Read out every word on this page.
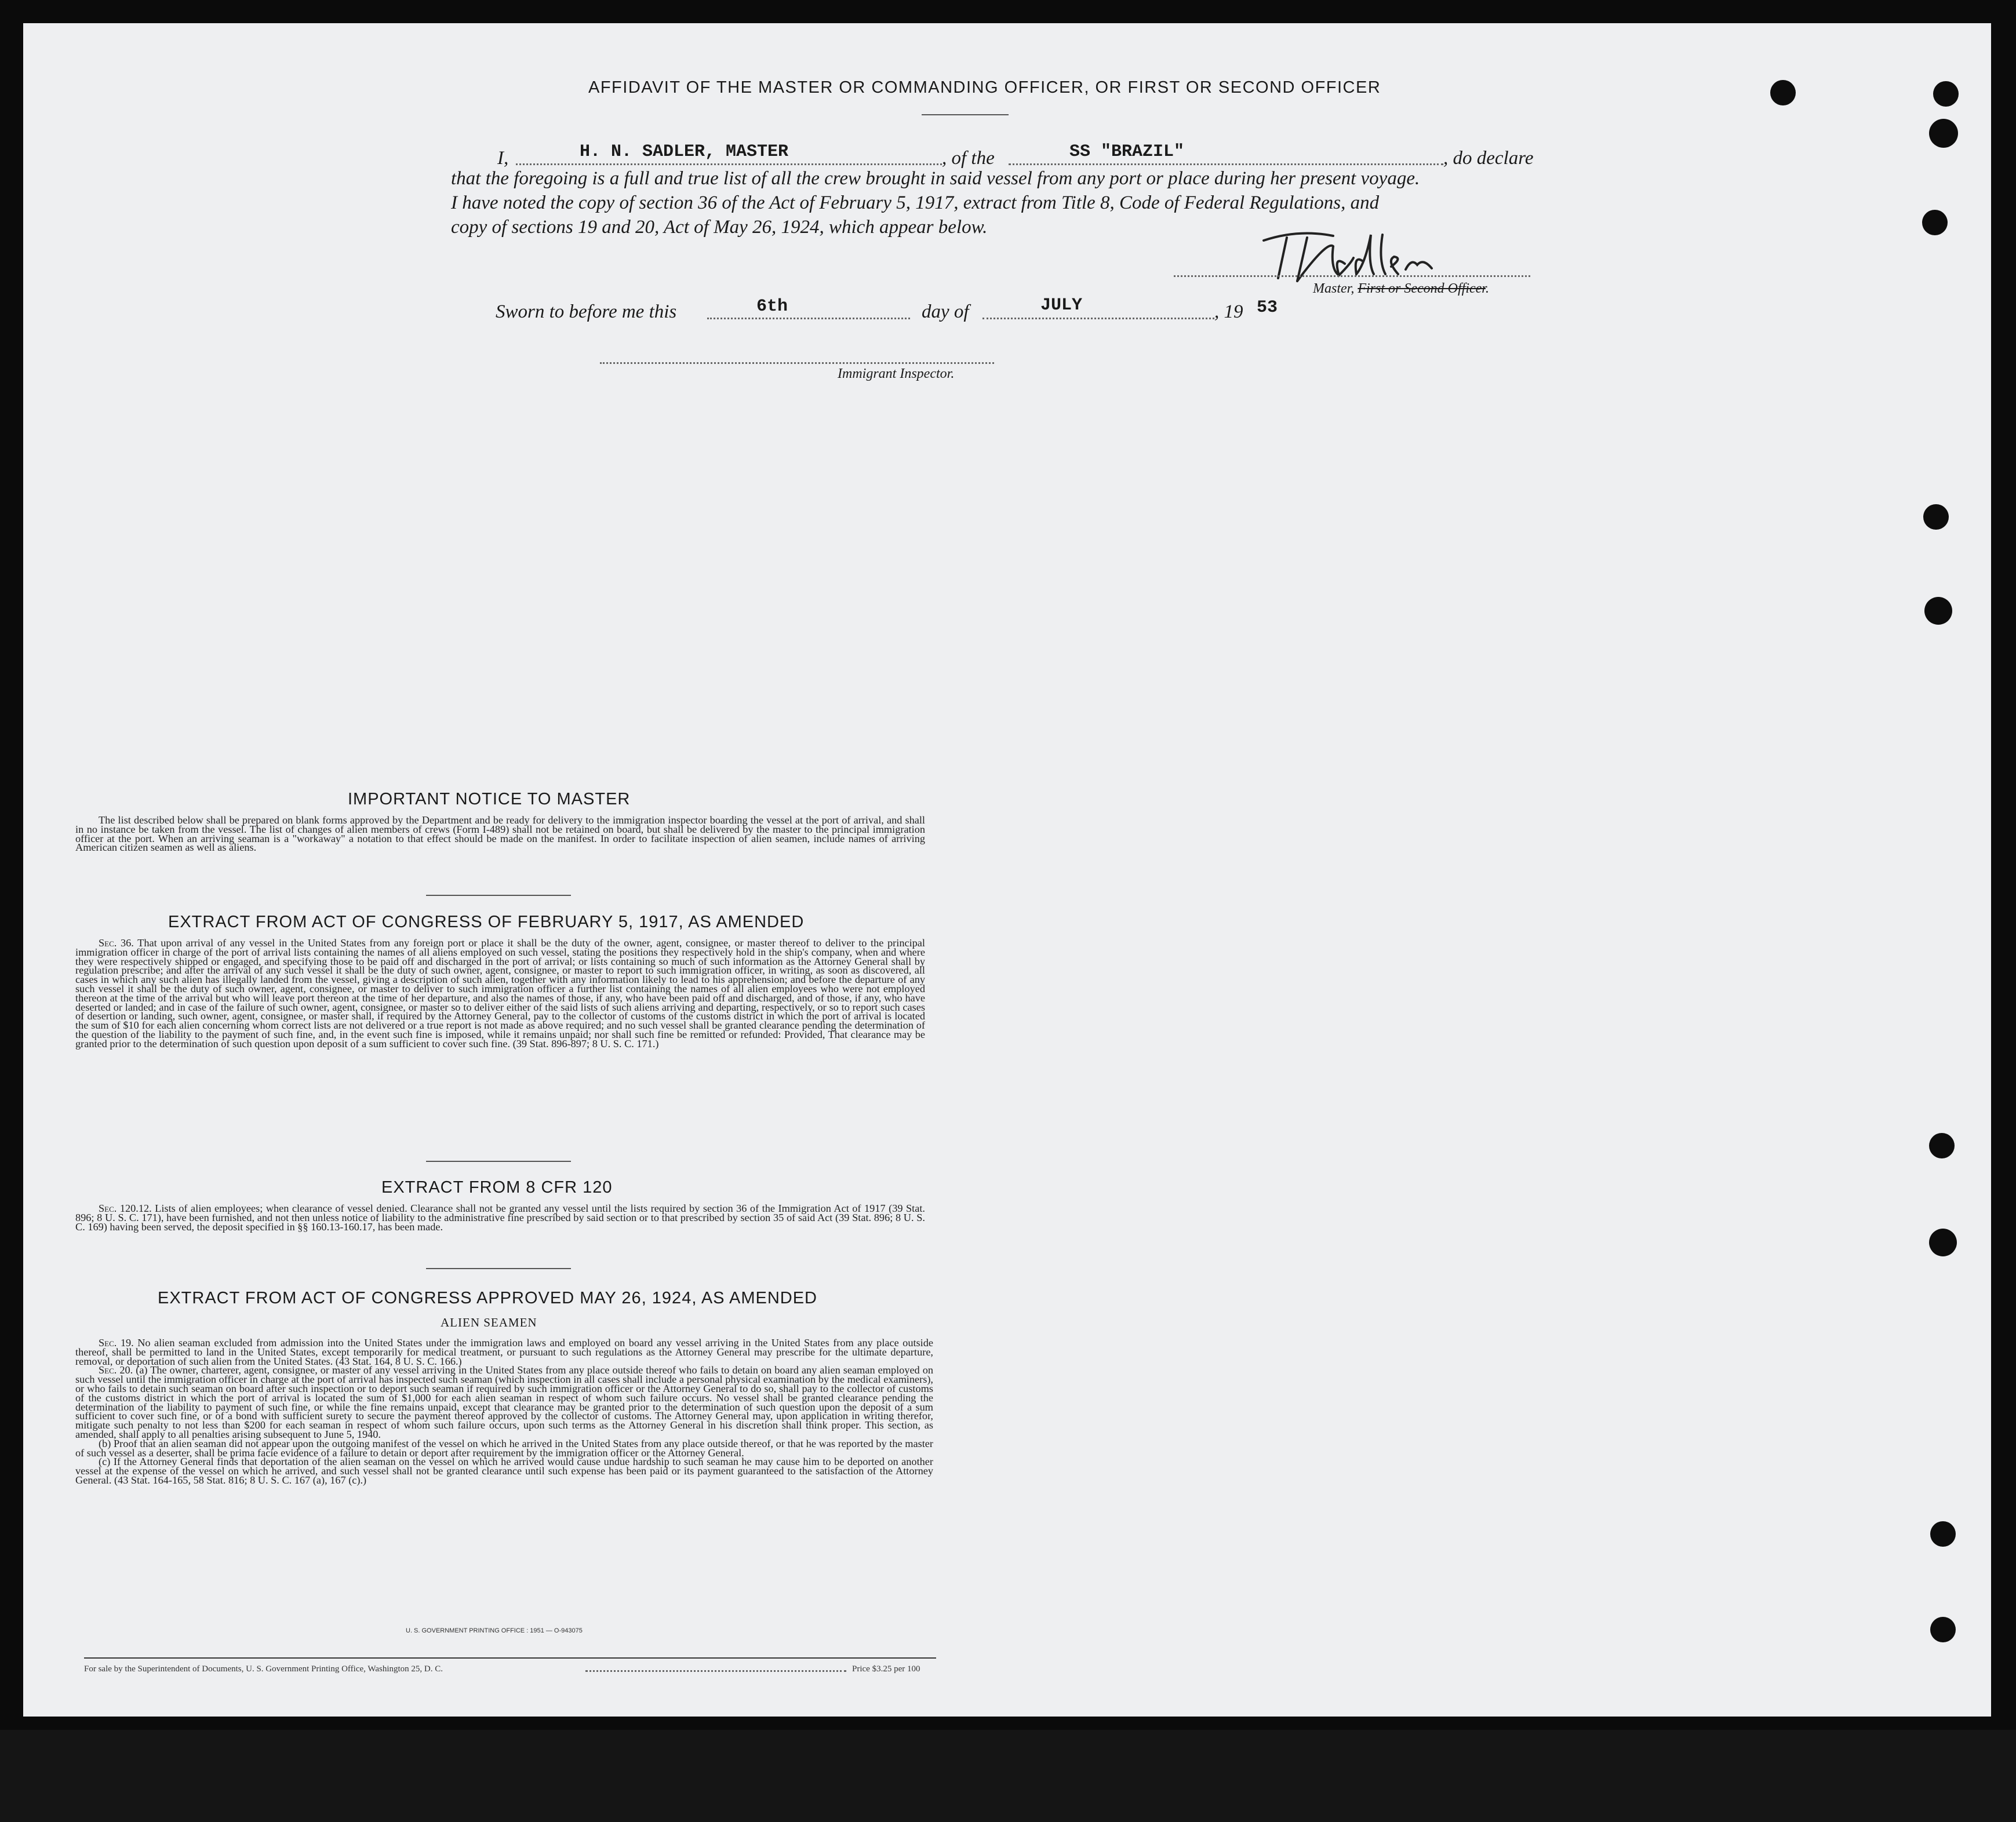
AFFIDAVIT OF THE MASTER OR COMMANDING OFFICER, OR FIRST OR SECOND OFFICER
I,	H. N. SADLER, MASTER	, of the	SS "BRAZIL"	, do declare
that the foregoing is a full and true list of all the crew brought in said vessel from any port or place during her present voyage.
I have noted the copy of section 36 of the Act of February 5, 1917, extract from Title 8, Code of Federal Regulations, and
copy of sections 19 and 20, Act of May 26, 1924, which appear below.
Master, First or Second Officer.
Sworn to before me this	6th	day of	JULY	, 19 53
Immigrant Inspector.
IMPORTANT NOTICE TO MASTER
The list described below shall be prepared on blank forms approved by the Department and be ready for delivery to the immigration inspector boarding the vessel at the port of arrival, and shall in no instance be taken from the vessel. The list of changes of alien members of crews (Form I-489) shall not be retained on board, but shall be delivered by the master to the principal immigration officer at the port. When an arriving seaman is a "workaway" a notation to that effect should be made on the manifest. In order to facilitate inspection of alien seamen, include names of arriving American citizen seamen as well as aliens.
EXTRACT FROM ACT OF CONGRESS OF FEBRUARY 5, 1917, AS AMENDED
Sec. 36. That upon arrival of any vessel in the United States from any foreign port or place it shall be the duty of the owner, agent, consignee, or master thereof to deliver to the principal immigration officer in charge of the port of arrival lists containing the names of all aliens employed on such vessel, stating the positions they respectively hold in the ship's company, when and where they were respectively shipped or engaged, and specifying those to be paid off and discharged in the port of arrival; or lists containing so much of such information as the Attorney General shall by regulation prescribe; and after the arrival of any such vessel it shall be the duty of such owner, agent, consignee, or master to report to such immigration officer, in writing, as soon as discovered, all cases in which any such alien has illegally landed from the vessel, giving a description of such alien, together with any information likely to lead to his apprehension; and before the departure of any such vessel it shall be the duty of such owner, agent, consignee, or master to deliver to such immigration officer a further list containing the names of all alien employees who were not employed thereon at the time of the arrival but who will leave port thereon at the time of her departure, and also the names of those, if any, who have been paid off and discharged, and of those, if any, who have deserted or landed; and in case of the failure of such owner, agent, consignee, or master so to deliver either of the said lists of such aliens arriving and departing, respectively, or so to report such cases of desertion or landing, such owner, agent, consignee, or master shall, if required by the Attorney General, pay to the collector of customs of the customs district in which the port of arrival is located the sum of $10 for each alien concerning whom correct lists are not delivered or a true report is not made as above required; and no such vessel shall be granted clearance pending the determination of the question of the liability to the payment of such fine, and, in the event such fine is imposed, while it remains unpaid; nor shall such fine be remitted or refunded: Provided, That clearance may be granted prior to the determination of such question upon deposit of a sum sufficient to cover such fine. (39 Stat. 896-897; 8 U. S. C. 171.)
EXTRACT FROM 8 CFR 120
Sec. 120.12. Lists of alien employees; when clearance of vessel denied. Clearance shall not be granted any vessel until the lists required by section 36 of the Immigration Act of 1917 (39 Stat. 896; 8 U. S. C. 171), have been furnished, and not then unless notice of liability to the administrative fine prescribed by said section or to that prescribed by section 35 of said Act (39 Stat. 896; 8 U. S. C. 169) having been served, the deposit specified in §§ 160.13-160.17, has been made.
EXTRACT FROM ACT OF CONGRESS APPROVED MAY 26, 1924, AS AMENDED
ALIEN SEAMEN
Sec. 19. No alien seaman excluded from admission into the United States under the immigration laws and employed on board any vessel arriving in the United States from any place outside thereof, shall be permitted to land in the United States, except temporarily for medical treatment, or pursuant to such regulations as the Attorney General may prescribe for the ultimate departure, removal, or deportation of such alien from the United States. (43 Stat. 164, 8 U. S. C. 166.)
Sec. 20. (a) The owner, charterer, agent, consignee, or master of any vessel arriving in the United States from any place outside thereof who fails to detain on board any alien seaman employed on such vessel until the immigration officer in charge at the port of arrival has inspected such seaman (which inspection in all cases shall include a personal physical examination by the medical examiners), or who fails to detain such seaman on board after such inspection or to deport such seaman if required by such immigration officer or the Attorney General to do so, shall pay to the collector of customs of the customs district in which the port of arrival is located the sum of $1,000 for each alien seaman in respect of whom such failure occurs. No vessel shall be granted clearance pending the determination of the liability to payment of such fine, or while the fine remains unpaid, except that clearance may be granted prior to the determination of such question upon the deposit of a sum sufficient to cover such fine, or of a bond with sufficient surety to secure the payment thereof approved by the collector of customs. The Attorney General may, upon application in writing therefor, mitigate such penalty to not less than $200 for each seaman in respect of whom such failure occurs, upon such terms as the Attorney General in his discretion shall think proper. This section, as amended, shall apply to all penalties arising subsequent to June 5, 1940.
(b) Proof that an alien seaman did not appear upon the outgoing manifest of the vessel on which he arrived in the United States from any place outside thereof, or that he was reported by the master of such vessel as a deserter, shall be prima facie evidence of a failure to detain or deport after requirement by the immigration officer or the Attorney General.
(c) If the Attorney General finds that deportation of the alien seaman on the vessel on which he arrived would cause undue hardship to such seaman he may cause him to be deported on another vessel at the expense of the vessel on which he arrived, and such vessel shall not be granted clearance until such expense has been paid or its payment guaranteed to the satisfaction of the Attorney General. (43 Stat. 164-165, 58 Stat. 816; 8 U. S. C. 167 (a), 167 (c).)
U. S. GOVERNMENT PRINTING OFFICE : 1951 — O-943075
For sale by the Superintendent of Documents, U. S. Government Printing Office, Washington 25, D. C.	Price $3.25 per 100
